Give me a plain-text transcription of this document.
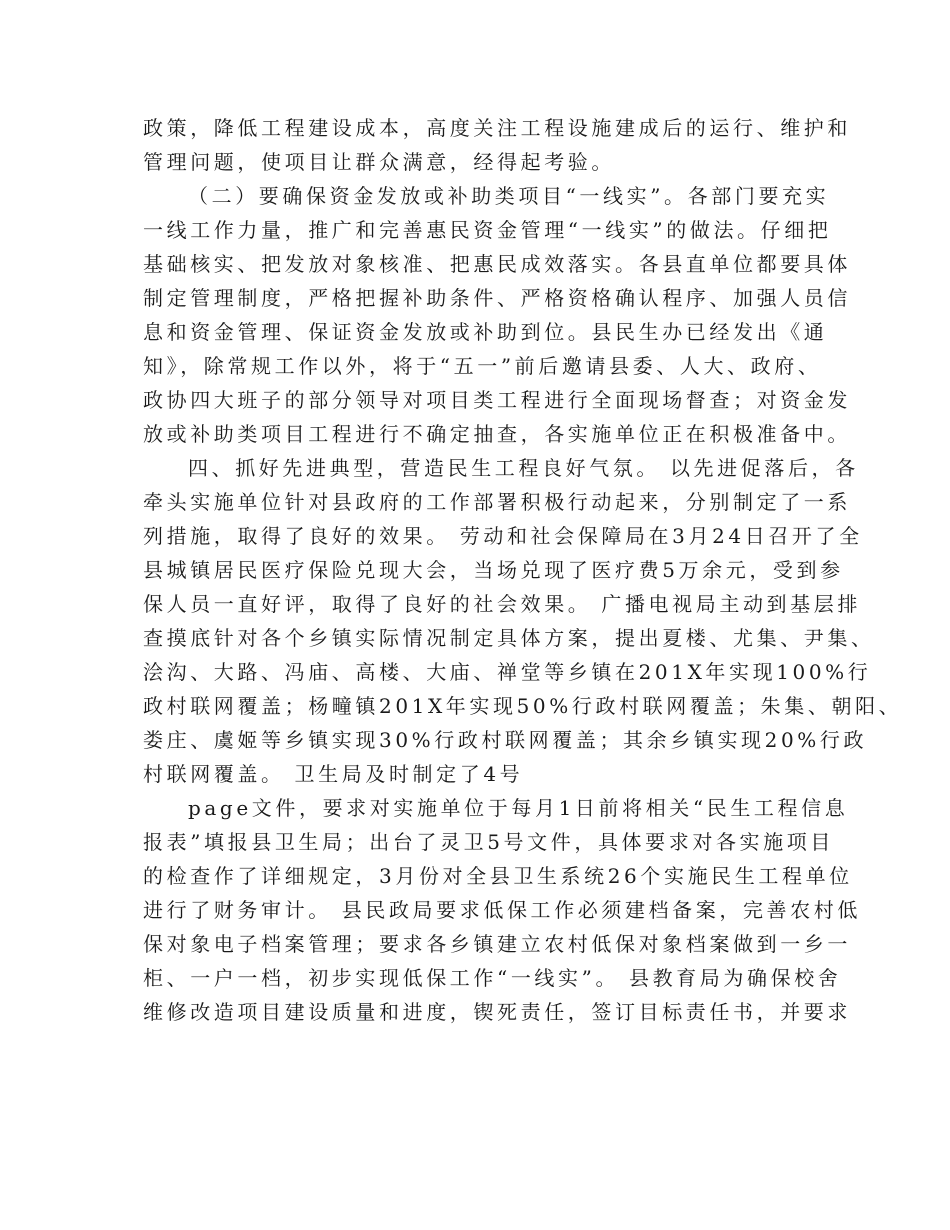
政策，降低工程建设成本，高度关注工程设施建成后的运行、维护和
管理问题，使项目让群众满意，经得起考验。
（二）要确保资金发放或补助类项目“一线实”。各部门要充实
一线工作力量，推广和完善惠民资金管理“一线实”的做法。仔细把
基础核实、把发放对象核准、把惠民成效落实。各县直单位都要具体
制定管理制度，严格把握补助条件、严格资格确认程序、加强人员信
息和资金管理、保证资金发放或补助到位。县民生办已经发出《通
知》，除常规工作以外，将于“五一”前后邀请县委、人大、政府、
政协四大班子的部分领导对项目类工程进行全面现场督查；对资金发
放或补助类项目工程进行不确定抽查，各实施单位正在积极准备中。
四、抓好先进典型，营造民生工程良好气氛。 以先进促落后，各
牵头实施单位针对县政府的工作部署积极行动起来，分别制定了一系
列措施，取得了良好的效果。 劳动和社会保障局在3月24日召开了全
县城镇居民医疗保险兑现大会，当场兑现了医疗费5万余元，受到参
保人员一直好评，取得了良好的社会效果。 广播电视局主动到基层排
查摸底针对各个乡镇实际情况制定具体方案，提出夏楼、尤集、尹集、
浍沟、大路、冯庙、高楼、大庙、禅堂等乡镇在201X年实现100%行
政村联网覆盖；杨疃镇201X年实现50%行政村联网覆盖；朱集、朝阳、
娄庄、虞姬等乡镇实现30%行政村联网覆盖；其余乡镇实现20%行政
村联网覆盖。 卫生局及时制定了4号
page文件，要求对实施单位于每月1日前将相关“民生工程信息
报表”填报县卫生局；出台了灵卫5号文件，具体要求对各实施项目
的检查作了详细规定，3月份对全县卫生系统26个实施民生工程单位
进行了财务审计。 县民政局要求低保工作必须建档备案，完善农村低
保对象电子档案管理；要求各乡镇建立农村低保对象档案做到一乡一
柜、一户一档，初步实现低保工作“一线实”。 县教育局为确保校舍
维修改造项目建设质量和进度，锲死责任，签订目标责任书，并要求
